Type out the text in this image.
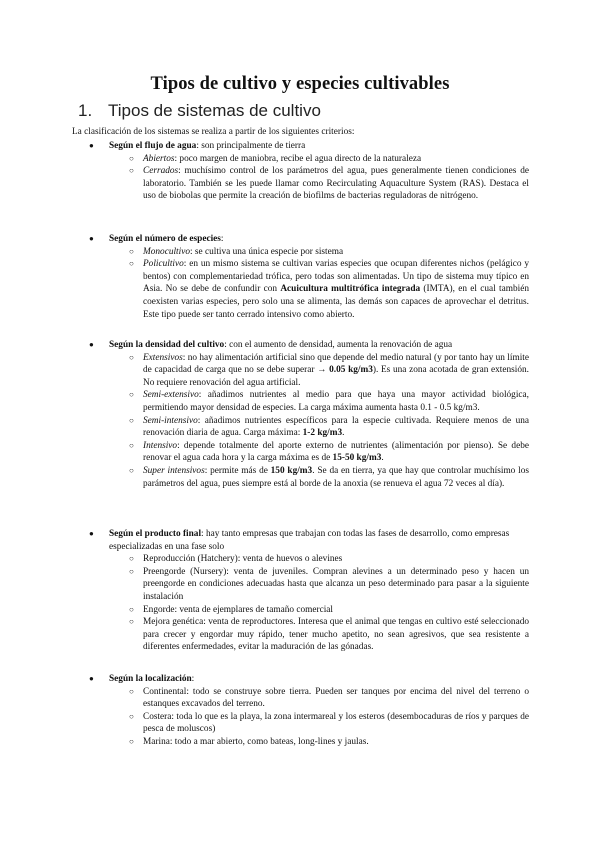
Tipos de cultivo y especies cultivables
1. Tipos de sistemas de cultivo
La clasificación de los sistemas se realiza a partir de los siguientes criterios:
● Según el flujo de agua: son principalmente de tierra
○ Abiertos: poco margen de maniobra, recibe el agua directo de la naturaleza
○ Cerrados: muchísimo control de los parámetros del agua, pues generalmente tienen condiciones de laboratorio. También se les puede llamar como Recirculating Aquaculture System (RAS). Destaca el uso de biobolas que permite la creación de biofilms de bacterias reguladoras de nitrógeno.
● Según el número de especies:
○ Monocultivo: se cultiva una única especie por sistema
○ Policultivo: en un mismo sistema se cultivan varias especies que ocupan diferentes nichos (pelágico y bentos) con complementariedad trófica, pero todas son alimentadas. Un tipo de sistema muy típico en Asia. No se debe de confundir con Acuicultura multitrófica integrada (IMTA), en el cual también coexisten varias especies, pero solo una se alimenta, las demás son capaces de aprovechar el detritus. Este tipo puede ser tanto cerrado intensivo como abierto.
● Según la densidad del cultivo: con el aumento de densidad, aumenta la renovación de agua
○ Extensivos: no hay alimentación artificial sino que depende del medio natural (y por tanto hay un límite de capacidad de carga que no se debe superar → 0.05 kg/m3). Es una zona acotada de gran extensión. No requiere renovación del agua artificial.
○ Semi-extensivo: añadimos nutrientes al medio para que haya una mayor actividad biológica, permitiendo mayor densidad de especies. La carga máxima aumenta hasta 0.1 - 0.5 kg/m3.
○ Semi-intensivo: añadimos nutrientes específicos para la especie cultivada. Requiere menos de una renovación diaria de agua. Carga máxima: 1-2 kg/m3.
○ Intensivo: depende totalmente del aporte externo de nutrientes (alimentación por pienso). Se debe renovar el agua cada hora y la carga máxima es de 15-50 kg/m3.
○ Super intensivos: permite más de 150 kg/m3. Se da en tierra, ya que hay que controlar muchísimo los parámetros del agua, pues siempre está al borde de la anoxia (se renueva el agua 72 veces al día).
● Según el producto final: hay tanto empresas que trabajan con todas las fases de desarrollo, como empresas especializadas en una fase solo
○ Reproducción (Hatchery): venta de huevos o alevines
○ Preengorde (Nursery): venta de juveniles. Compran alevines a un determinado peso y hacen un preengorde en condiciones adecuadas hasta que alcanza un peso determinado para pasar a la siguiente instalación
○ Engorde: venta de ejemplares de tamaño comercial
○ Mejora genética: venta de reproductores. Interesa que el animal que tengas en cultivo esté seleccionado para crecer y engordar muy rápido, tener mucho apetito, no sean agresivos, que sea resistente a diferentes enfermedades, evitar la maduración de las gónadas.
● Según la localización:
○ Continental: todo se construye sobre tierra. Pueden ser tanques por encima del nivel del terreno o estanques excavados del terreno.
○ Costera: toda lo que es la playa, la zona intermareal y los esteros (desembocaduras de ríos y parques de pesca de moluscos)
○ Marina: todo a mar abierto, como bateas, long-lines y jaulas.
